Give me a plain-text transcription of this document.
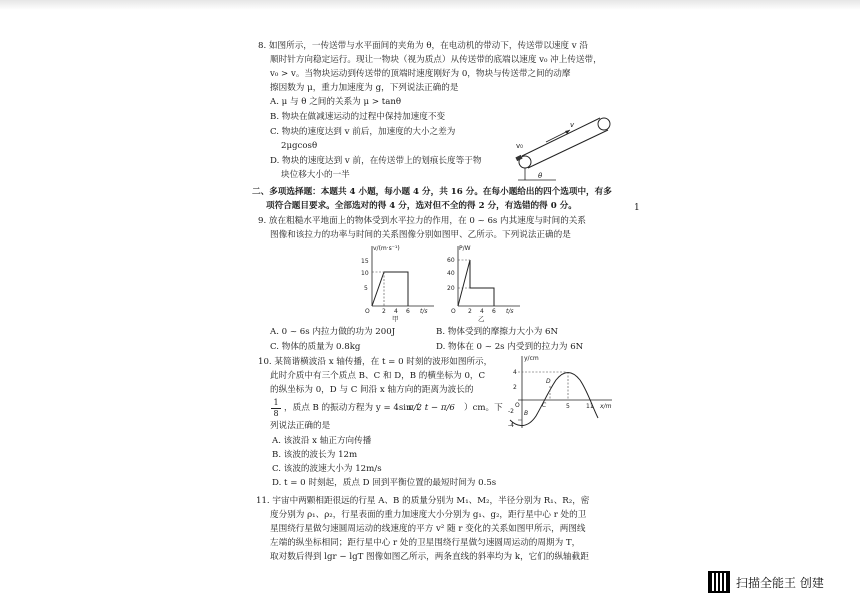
8. 如图所示，一传送带与水平面间的夹角为 θ，在电动机的带动下，传送带以速度 v 沿
顺时针方向稳定运行。现让一物块（视为质点）从传送带的底端以速度 v₀ 冲上传送带，
v₀ > v。当物块运动到传送带的顶端时速度刚好为 0，物块与传送带之间的动摩
擦因数为 μ，重力加速度为 g，下列说法正确的是
A. μ 与 θ 之间的关系为 μ > tanθ
B. 物块在做减速运动的过程中保持加速度不变
C. 物块的速度达到 v 前后，加速度的大小之差为
2μgcosθ
D. 物块的速度达到 v 前，在传送带上的划痕长度等于物
块位移大小的一半
v₀
v
θ
二、多项选择题：本题共 4 小题，每小题 4 分，共 16 分。在每小题给出的四个选项中，有多
项符合题目要求。全部选对的得 4 分，选对但不全的得 2 分，有选错的得 0 分。
9. 放在粗糙水平地面上的物体受到水平拉力的作用，在 0 ~ 6s 内其速度与时间的关系
图像和该拉力的功率与时间的关系图像分别如图甲、乙所示。下列说法正确的是
v/(m·s⁻¹)
15
10
5
O 2 4 6 t/s
甲
P/W
60
40
20
O 2 4 6 t/s
乙
A. 0 ~ 6s 内拉力做的功为 200J	B. 物体受到的摩擦力大小为 6N
C. 物体的质量为 0.8kg	D. 物体在 0 ~ 2s 内受到的拉力为 6N
10. 某简谐横波沿 x 轴传播，在 t = 0 时刻的波形如图所示，
此时介质中有三个质点 B、C 和 D，B 的横坐标为 0，C
的纵坐标为 0，D 与 C 间沿 x 轴方向的距离为波长的
$\frac{1}{8}$ ，质点 B 的振动方程为 y = 4sin（
π/2 t − π/6 ）cm。下
列说法正确的是
A. 该波沿 x 轴正方向传播
B. 该波的波长为 12m
C. 该波的波速大小为 12m/s
D. t = 0 时刻起，质点 D 回到平衡位置的最短时间为 0.5s
y/cm
4
2
-2
-4
B
C
D
5	11 x/m
O
11. 宇宙中两颗相距很远的行星 A、B 的质量分别为 M₁、M₂，半径分别为 R₁、R₂，密
度分别为 ρ₁、ρ₂，行星表面的重力加速度大小分别为 g₁、g₂，距行星中心 r 处的卫
星围绕行星做匀速圆周运动的线速度的平方 v² 随 r 变化的关系如图甲所示，两图线
左端的纵坐标相同；距行星中心 r 处的卫星围绕行星做匀速圆周运动的周期为 T，
取对数后得到 lgr − lgT 图像如图乙所示，两条直线的斜率均为 k，它们的纵轴截距
1
扫描全能王 创建
